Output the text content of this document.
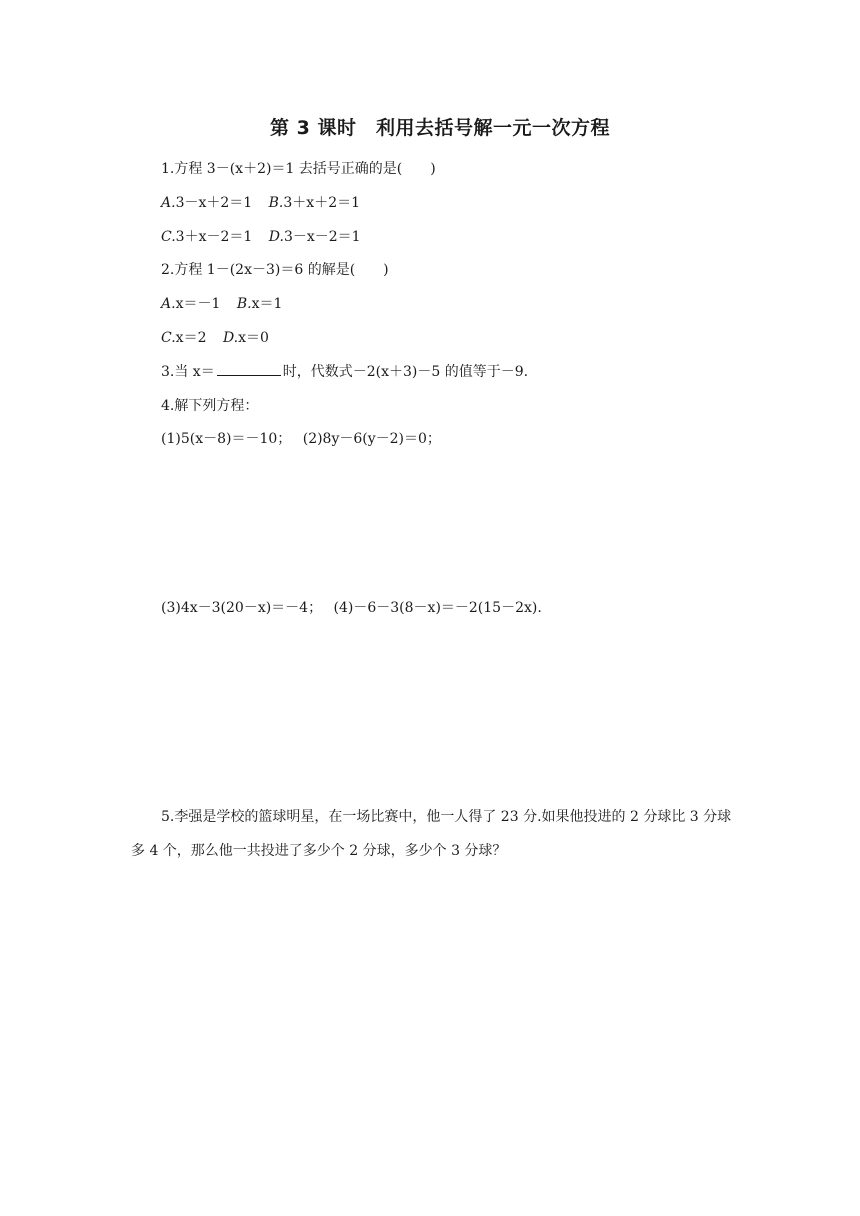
第 3 课时　利用去括号解一元一次方程
1.方程 3－(x＋2)＝1 去括号正确的是(　　)
A.3－x＋2＝1 B.3＋x＋2＝1
C.3＋x－2＝1 D.3－x－2＝1
2.方程 1－(2x－3)＝6 的解是(　　)
A.x＝－1 B.x＝1
C.x＝2 D.x＝0
3.当 x＝	时，代数式－2(x＋3)－5 的值等于－9.
4.解下列方程：
(1)5(x－8)＝－10；　 (2)8y－6(y－2)＝0；
(3)4x－3(20－x)＝－4；　 (4)－6－3(8－x)＝－2(15－2x).
5.李强是学校的篮球明星，在一场比赛中，他一人得了 23 分.如果他投进的 2 分球比 3 分球多 4 个，那么他一共投进了多少个 2 分球，多少个 3 分球？
